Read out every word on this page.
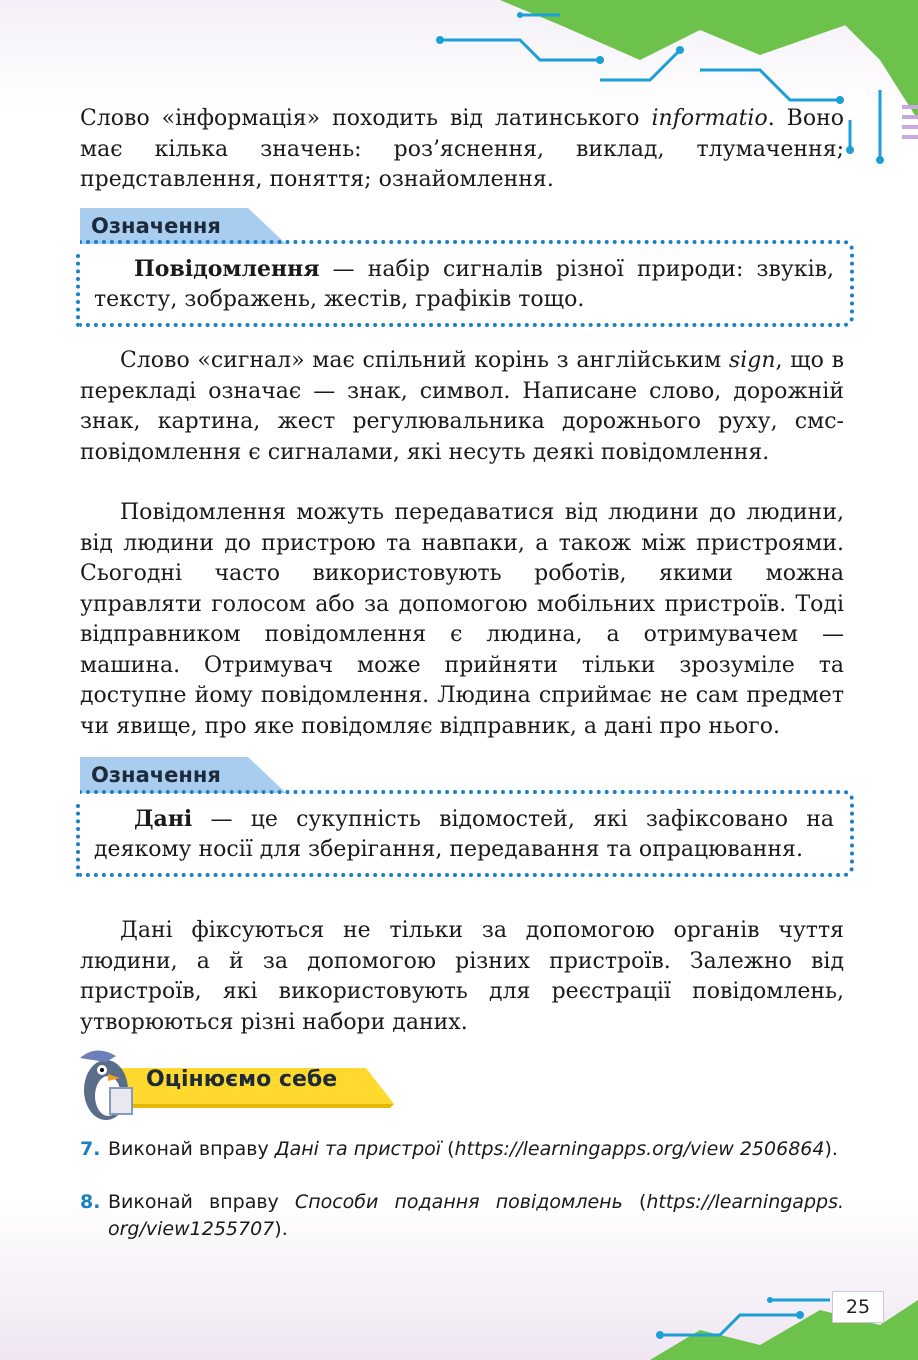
Слово «інформація» походить від латинського informatio. Воно має кілька значень: роз’яснення, виклад, тлумачення; представлення, поняття; ознайомлення.

Означення

Повідомлення — набір сигналів різної природи: звуків, тексту, зображень, жестів, графіків тощо.

Слово «сигнал» має спільний корінь з англійським sign, що в перекладі означає — знак, символ. Написане слово, дорожній знак, картина, жест регулювальника дорожнього руху, смс-повідомлення є сигналами, які несуть деякі повідомлення.

Повідомлення можуть передаватися від людини до людини, від людини до пристрою та навпаки, а також між пристроями. Сьогодні часто використовують роботів, якими можна управляти голосом або за допомогою мобільних пристроїв. Тоді відправником повідомлення є людина, а отримувачем — машина. Отримувач може прийняти тільки зрозуміле та доступне йому повідомлення. Людина сприймає не сам предмет чи явище, про яке повідомляє відправник, а дані про нього.

Означення

Дані — це сукупність відомостей, які зафіксовано на деякому носії для зберігання, передавання та опрацювання.

Дані фіксуються не тільки за допомогою органів чуття людини, а й за допомогою різних пристроїв. Залежно від пристроїв, які використовують для реєстрації повідомлень, утворюються різні набори даних.

Оцінюємо себе
7. Виконай вправу Дані та пристрої (https://learningapps.org/view 2506864).
8. Виконай вправу Способи подання повідомлень (https://learningapps. org/view1255707).
25
